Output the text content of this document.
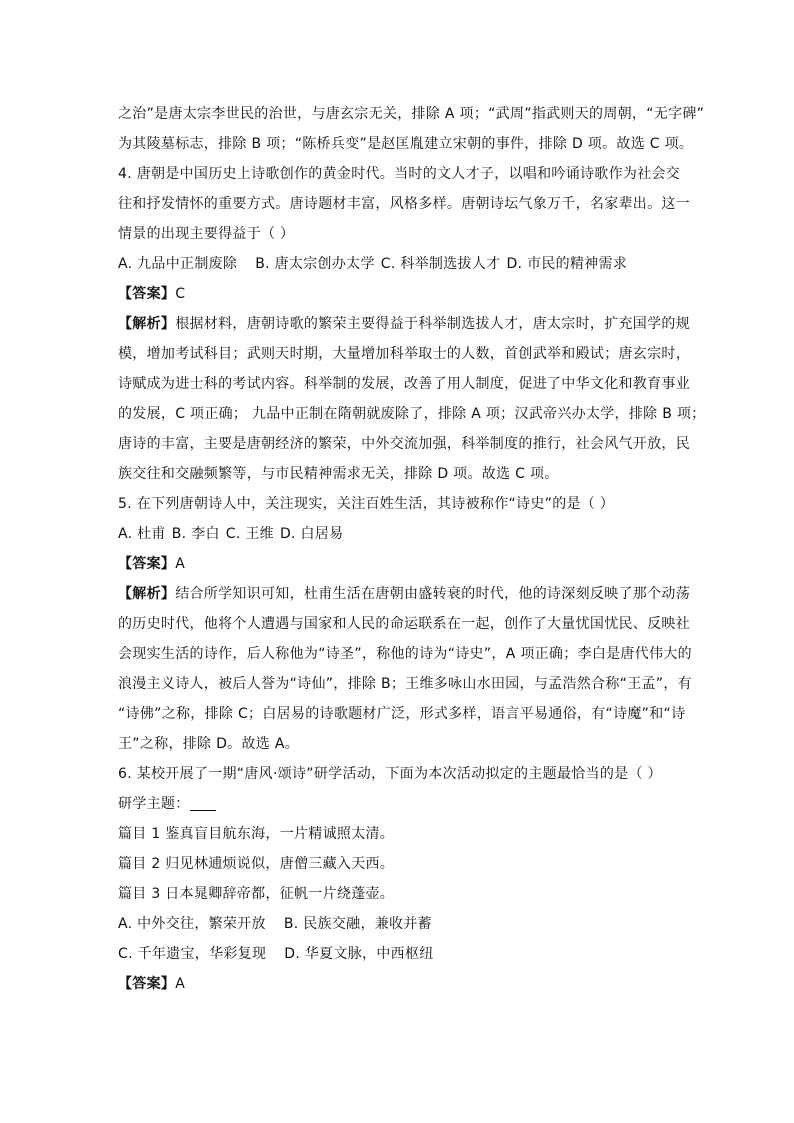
之治”是唐太宗李世民的治世，与唐玄宗无关，排除 A 项；“武周”指武则天的周朝，“无字碑”
为其陵墓标志，排除 B 项；“陈桥兵变”是赵匡胤建立宋朝的事件，排除 D 项。故选 C 项。
4. 唐朝是中国历史上诗歌创作的黄金时代。当时的文人才子，以唱和吟诵诗歌作为社会交
往和抒发情怀的重要方式。唐诗题材丰富，风格多样。唐朝诗坛气象万千，名家辈出。这一
情景的出现主要得益于（ ）
A. 九品中正制废除 B. 唐太宗创办太学 C. 科举制选拔人才 D. 市民的精神需求
【答案】C
【解析】根据材料，唐朝诗歌的繁荣主要得益于科举制选拔人才，唐太宗时，扩充国学的规
模，增加考试科目；武则天时期，大量增加科举取士的人数，首创武举和殿试；唐玄宗时，
诗赋成为进士科的考试内容。科举制的发展，改善了用人制度，促进了中华文化和教育事业
的发展，C 项正确； 九品中正制在隋朝就废除了，排除 A 项；汉武帝兴办太学，排除 B 项；
唐诗的丰富，主要是唐朝经济的繁荣，中外交流加强，科举制度的推行，社会风气开放，民
族交往和交融频繁等，与市民精神需求无关，排除 D 项。故选 C 项。
5. 在下列唐朝诗人中，关注现实，关注百姓生活，其诗被称作“诗史”的是（ ）
A. 杜甫 B. 李白 C. 王维 D. 白居易
【答案】A
【解析】结合所学知识可知，杜甫生活在唐朝由盛转衰的时代，他的诗深刻反映了那个动荡
的历史时代，他将个人遭遇与国家和人民的命运联系在一起，创作了大量忧国忧民、反映社
会现实生活的诗作，后人称他为“诗圣”，称他的诗为“诗史”，A 项正确；李白是唐代伟大的
浪漫主义诗人，被后人誉为“诗仙”，排除 B；王维多咏山水田园，与孟浩然合称“王孟”，有
“诗佛”之称，排除 C；白居易的诗歌题材广泛，形式多样，语言平易通俗，有“诗魔”和“诗
王”之称，排除 D。故选 A。
6. 某校开展了一期“唐风·颂诗”研学活动，下面为本次活动拟定的主题最恰当的是（ ）
研学主题：
篇目 1 鉴真盲目航东海，一片精诚照太清。
篇目 2 归见林逋烦说似，唐僧三藏入天西。
篇目 3 日本晁卿辞帝都，征帆一片绕蓬壶。
A. 中外交往，繁荣开放 B. 民族交融，兼收并蓄
C. 千年遗宝，华彩复现 D. 华夏文脉，中西枢纽
【答案】A
